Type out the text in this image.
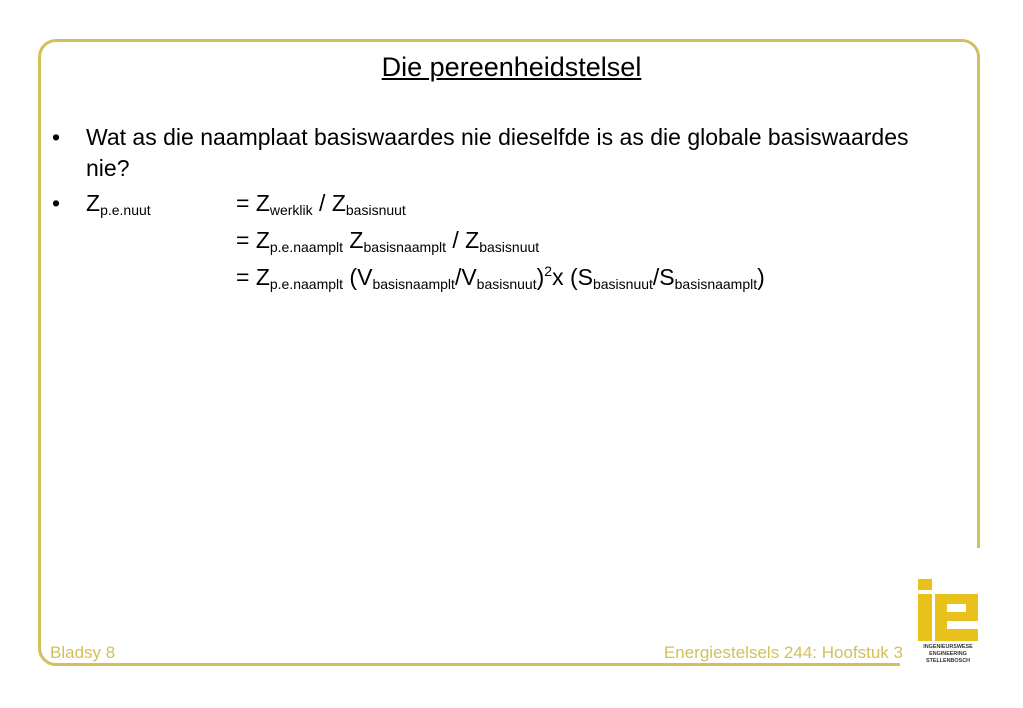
Die pereenheidstelsel
• Wat as die naamplaat basiswaardes nie dieselfde is as die globale basiswaardes nie?
• $Z_{p.e.nuut}$	= $Z_{werklik} / Z_{basisnuut}$
= $Z_{p.e.naamplt}$ $Z_{basisnaamplt} / Z_{basisnuut}$
= $Z_{p.e.naamplt}$ $(V_{basisnaamplt}/V_{basisnuut})^2x$ $(S_{basisnuut}/S_{basisnaamplt})$
Bladsy 8	Energiestelsels 244: Hoofstuk 3	INGENIEURSWESE
ENGINEERING
STELLENBOSCH
